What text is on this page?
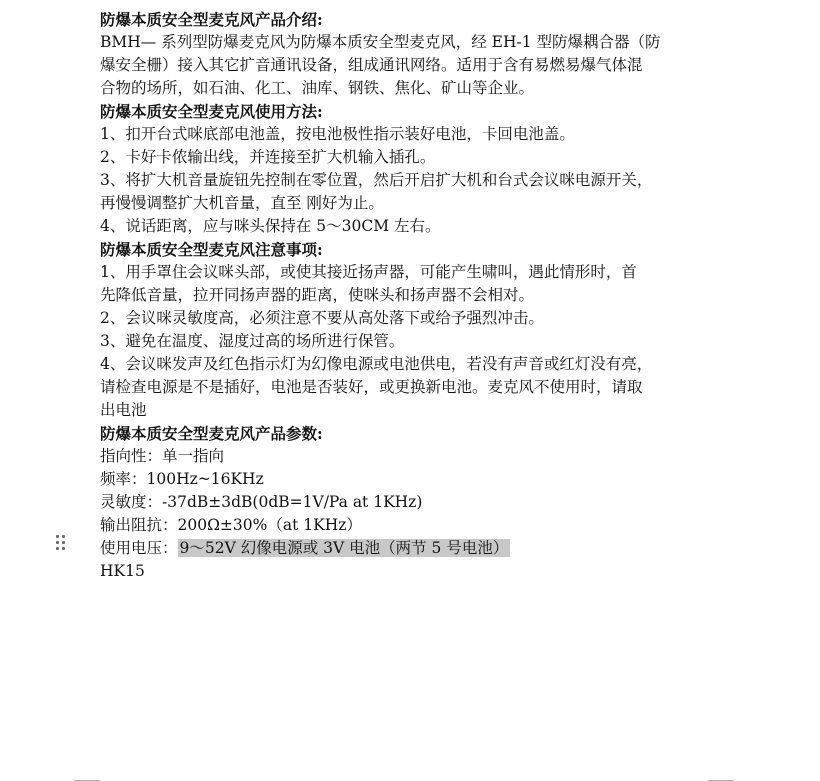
防爆本质安全型麦克风产品介绍:
BMH— 系列型防爆麦克风为防爆本质安全型麦克风，经 EH-1 型防爆耦合器（防
爆安全栅）接入其它扩音通讯设备，组成通讯网络。适用于含有易燃易爆气体混
合物的场所，如石油、化工、油库、钢铁、焦化、矿山等企业。
防爆本质安全型麦克风使用方法:
1、扣开台式咪底部电池盖，按电池极性指示装好电池，卡回电池盖。
2、卡好卡侬输出线，并连接至扩大机输入插孔。
3、将扩大机音量旋钮先控制在零位置，然后开启扩大机和台式会议咪电源开关，
再慢慢调整扩大机音量，直至 刚好为止。
4、说话距离，应与咪头保持在 5～30CM 左右。
防爆本质安全型麦克风注意事项:
1、用手罩住会议咪头部，或使其接近扬声器，可能产生啸叫，遇此情形时，首
先降低音量，拉开同扬声器的距离，使咪头和扬声器不会相对。
2、会议咪灵敏度高，必须注意不要从高处落下或给予强烈冲击。
3、避免在温度、湿度过高的场所进行保管。
4、会议咪发声及红色指示灯为幻像电源或电池供电，若没有声音或红灯没有亮，
请检查电源是不是插好，电池是否装好，或更换新电池。麦克风不使用时，请取
出电池
防爆本质安全型麦克风产品参数:
指向性：单一指向
频率：100Hz~16KHz
灵敏度：-37dB±3dB(0dB=1V/Pa at 1KHz)
输出阻抗：200Ω±30%（at 1KHz）
使用电压： 9～52V 幻像电源或 3V 电池（两节 5 号电池）
HK15
